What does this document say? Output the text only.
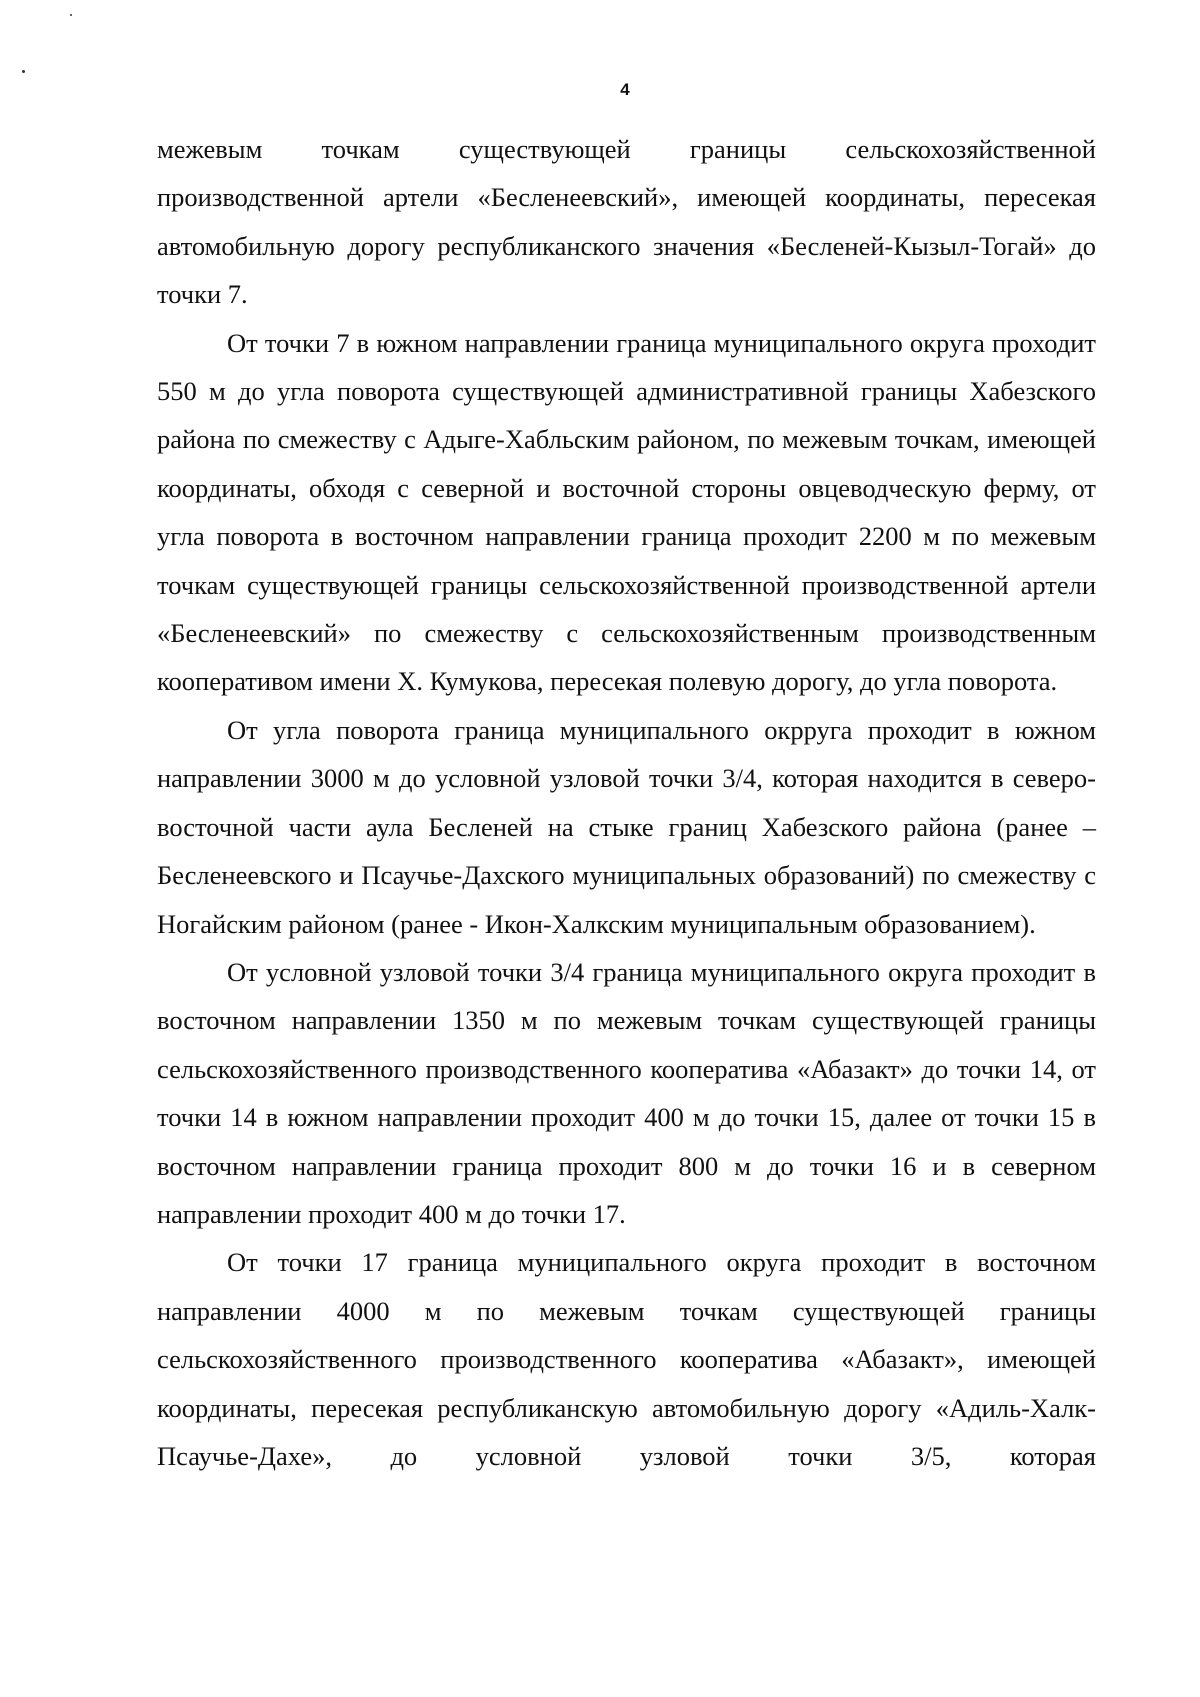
4

межевым точкам существующей границы сельскохозяйственной производственной артели «Бесленеевский», имеющей координаты, пересекая автомобильную дорогу республиканского значения «Бесленей-Кызыл-Тогай» до точки 7.

От точки 7 в южном направлении граница муниципального округа проходит 550 м до угла поворота существующей административной границы Хабезского района по смежеству с Адыге-Хабльским районом, по межевым точкам, имеющей координаты, обходя с северной и восточной стороны овцеводческую ферму, от угла поворота в восточном направлении граница проходит 2200 м по межевым точкам существующей границы сельскохозяйственной производственной артели «Бесленеевский» по смежеству с сельскохозяйственным производственным кооперативом имени Х. Кумукова, пересекая полевую дорогу, до угла поворота.

От угла поворота граница муниципального окрруга проходит в южном направлении 3000 м до условной узловой точки 3/4, которая находится в северо-восточной части аула Бесленей на стыке границ Хабезского района (ранее – Бесленеевского и Псаучье-Дахского муниципальных образований) по смежеству с Ногайским районом (ранее - Икон-Халкским муниципальным образованием).

От условной узловой точки 3/4 граница муниципального округа проходит в восточном направлении 1350 м по межевым точкам существующей границы сельскохозяйственного производственного кооператива «Абазакт» до точки 14, от точки 14 в южном направлении проходит 400 м до точки 15, далее от точки 15 в восточном направлении граница проходит 800 м до точки 16 и в северном направлении проходит 400 м до точки 17.

От точки 17 граница муниципального округа проходит в восточном направлении 4000 м по межевым точкам существующей границы сельскохозяйственного производственного кооператива «Абазакт», имеющей координаты, пересекая республиканскую автомобильную дорогу «Адиль-Халк-Псаучье-Дахе», до условной узловой точки 3/5, которая
